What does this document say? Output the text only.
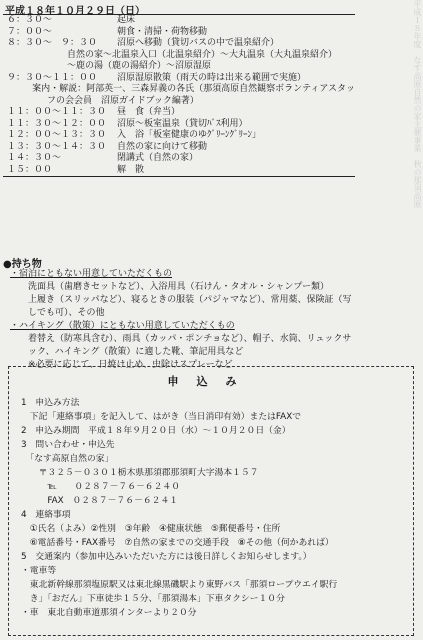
平成１８年度　なす高原自然の家主催事業　秋の那須高原
平成１８年１０月２９日（日）
６：３０～	起床
７：００～	朝食・清掃・荷物移動
８：３０～　９：３０	沼原へ移動（貸切バスの中で温泉紹介）
自然の家～北温泉入口（北温泉紹介）～大丸温泉（大丸温泉紹介）
～鹿の湯（鹿の湯紹介）～沼原湿原
９：３０～１１：００	沼原湿原散策（雨天の時は出来る範囲で実施）
案内・解説：阿部英一、三森昇義の各氏（那須高原自然観察ボランティアスタッ
フの会会員　沼原ガイドブック編著）
１１：００～１１：３０	昼　食（弁当）
１１：３０～１２：００	沼原～板室温泉（貸切ﾊﾞｽ利用）
１２：００～１３：３０	入　浴「板室健康のゆｸﾞﾘｰﾝｸﾞﾘｰﾝ」
１３：３０～１４：３０	自然の家に向けて移動
１４：３０～	閉講式（自然の家）
１５：００	解　散
●持ち物
・宿泊にともない用意していただくもの
洗面具（歯磨きセットなど）、入浴用具（石けん・タオル・シャンプー類）
上履き（スリッパなど）、寝るときの服装（パジャマなど）、常用薬、保険証（写
しでも可）、その他
・ハイキング（散策）にともない用意していただくもの
着替え（防寒具含む）、雨具（カッパ・ポンチョなど）、帽子、水筒、リュックサ
ック、ハイキング（散策）に適した靴、筆記用具など
※必要に応じて、日焼け止め、虫除けスプレーなど
申込み
1　申込み方法
　下記「連絡事項」を記入して、はがき（当日消印有効）またはFAXで
2　申込み期間　平成１８年９月２０日（水）～１０月２０日（金）
3　問い合わせ・申込先
　「なす高原自然の家」
　　〒３２５－０３０１栃木県那須郡那須町大字湯本１５７
　　　℡　　０２８７－７６－６２４０
　　　FAX　０２８７－７６－６２４１
4　連絡事項
　①氏名（よみ）②性別　③年齢　④健康状態　⑤郵便番号・住所
　⑥電話番号・FAX番号　⑦自然の家までの交通手段　⑧その他（何かあれば）
5　交通案内（参加申込みいただいた方には後日詳しくお知らせします。）
・電車等
　東北新幹線那須塩原駅又は東北線黒磯駅より東野バス「那須ロープウエイ駅行
　き」「おだん」下車徒歩１５分、「那須湯本」下車タクシー１０分
・車　東北自動車道那須インターより２０分
